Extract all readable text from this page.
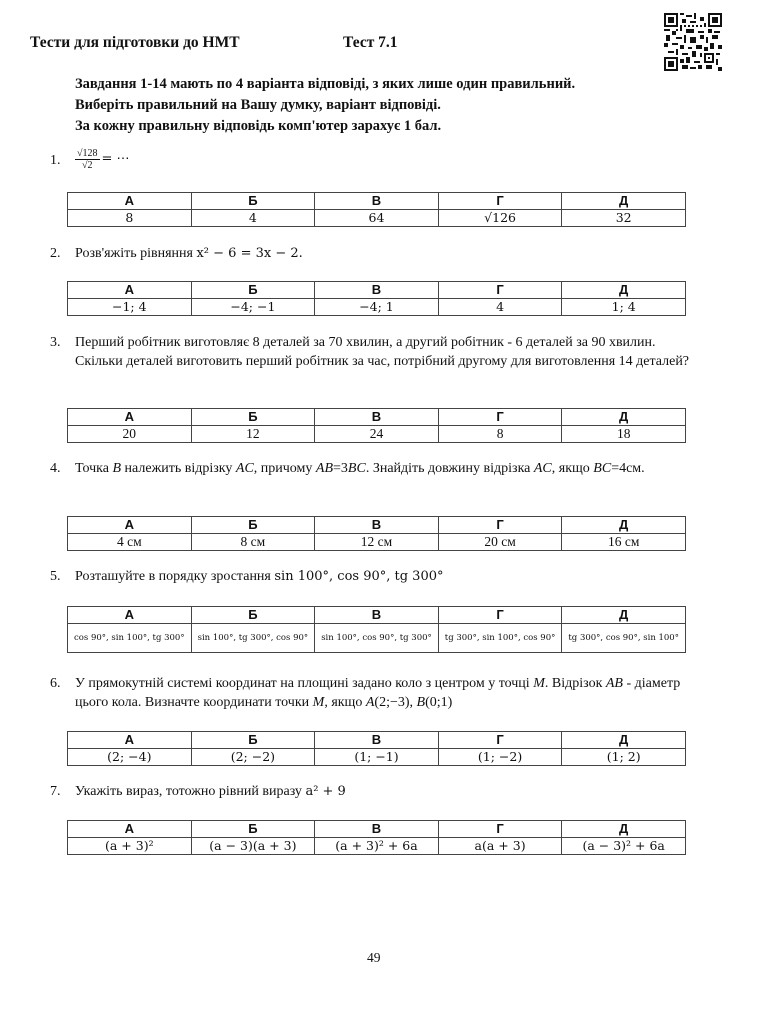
Тести для підготовки до НМТ	Тест 7.1
Завдання 1-14 мають по 4 варіанта відповіді, з яких лише один правильний.
Виберіть правильний на Вашу думку, варіант відповіді.
За кожну правильну відповідь комп'ютер зарахує 1 бал.
1. $\frac{√128}{√2}$ = ⋯
А	Б	В	Г	Д
8	4	64	√126	32
2. Розв'яжіть рівняння x² − 6 = 3x − 2.
А	Б	В	Г	Д
−1; 4	−4; −1	−4; 1	4	1; 4
3. Перший робітник виготовляє 8 деталей за 70 хвилин, а другий робітник - 6 деталей за 90 хвилин. Скільки деталей виготовить перший робітник за час, потрібний другому для виготовлення 14 деталей?
А	Б	В	Г	Д
20	12	24	8	18
4. Точка B належить відрізку AC, причому AB=3BC. Знайдіть довжину відрізка AC, якщо BC=4см.
А	Б	В	Г	Д
4 см	8 см	12 см	20 см	16 см
5. Розташуйте в порядку зростання sin 100°, cos 90°, tg 300°
А	Б	В	Г	Д
cos 90°, sin 100°, tg 300°	sin 100°, tg 300°, cos 90°	sin 100°, cos 90°, tg 300°	tg 300°, sin 100°, cos 90°	tg 300°, cos 90°, sin 100°
6. У прямокутній системі координат на площині задано коло з центром у точці M. Відрізок AB - діаметр цього кола. Визначте координати точки M, якщо A(2;−3), B(0;1)
А	Б	В	Г	Д
(2; −4)	(2; −2)	(1; −1)	(1; −2)	(1; 2)
7. Укажіть вираз, тотожно рівний виразу a² + 9
А	Б	В	Г	Д
(a + 3)²	(a − 3)(a + 3)	(a + 3)² + 6a	a(a + 3)	(a − 3)² + 6a
49
